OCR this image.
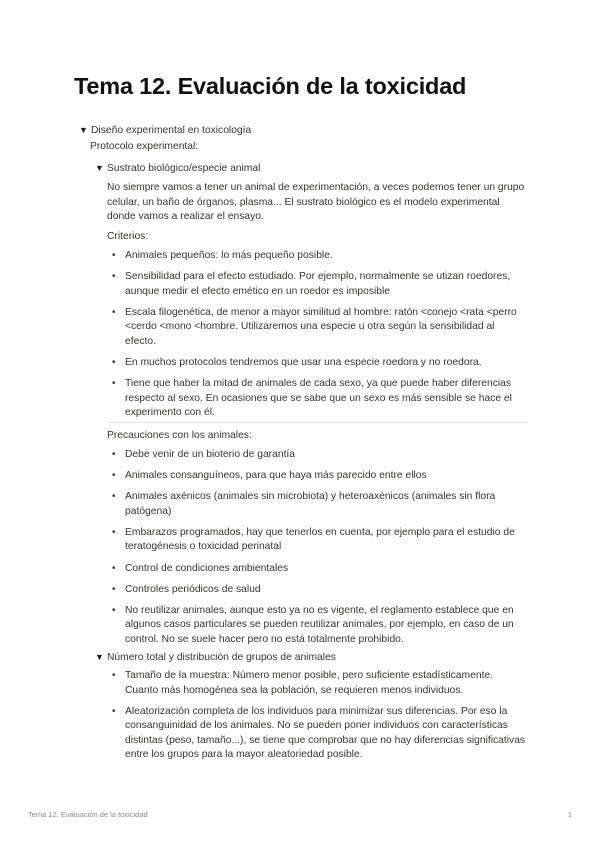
Tema 12. Evaluación de la toxicidad
▼ Diseño experimental en toxicología
Protocolo experimental:
▼ Sustrato biológico/especie animal
No siempre vamos a tener un animal de experimentación, a veces podemos tener un grupo celular, un baño de órganos, plasma... El sustrato biológico es el modelo experimental donde vamos a realizar el ensayo.
Criterios:
• Animales pequeños: lo más pequeño posible.
• Sensibilidad para el efecto estudiado. Por ejemplo, normalmente se utizan roedores, aunque medir el efecto emético en un roedor es imposible
• Escala filogenética, de menor a mayor similitud al hombre: ratón <conejo <rata <perro <cerdo <mono <hombre. Utilizaremos una especie u otra según la sensibilidad al efecto.
• En muchos protocolos tendremos que usar una especie roedora y no roedora.
• Tiene que haber la mitad de animales de cada sexo, ya que puede haber diferencias respecto al sexo. En ocasiones que se sabe que un sexo es más sensible se hace el experimento con él.
Precauciones con los animales:
• Debe venir de un bioterio de garantía
• Animales consanguíneos, para que haya más parecido entre ellos
• Animales axénicos (animales sin microbiota) y heteroaxénicos (animales sin flora patógena)
• Embarazos programados, hay que tenerlos en cuenta, por ejemplo para el estudio de teratogénesis o toxicidad perinatal
• Control de condiciones ambientales
• Controles periódicos de salud
• No reutilizar animales, aunque esto ya no es vigente, el reglamento establece que en algunos casos particulares se pueden reutilizar animales, por ejemplo, en caso de un control. No se suele hacer pero no está totalmente prohibido.
▼ Número total y distribución de grupos de animales
• Tamaño de la muestra: Número menor posible, pero suficiente estadísticamente. Cuanto más homogénea sea la población, se requieren menos individuos.
• Aleatorización completa de los individuos para minimizar sus diferencias. Por eso la consanguinidad de los animales. No se pueden poner individuos con características distintas (peso, tamaño...), se tiene que comprobar que no hay diferencias significativas entre los grupos para la mayor aleatoriedad posible.
Tema 12. Evaluación de la toxicidad	1
